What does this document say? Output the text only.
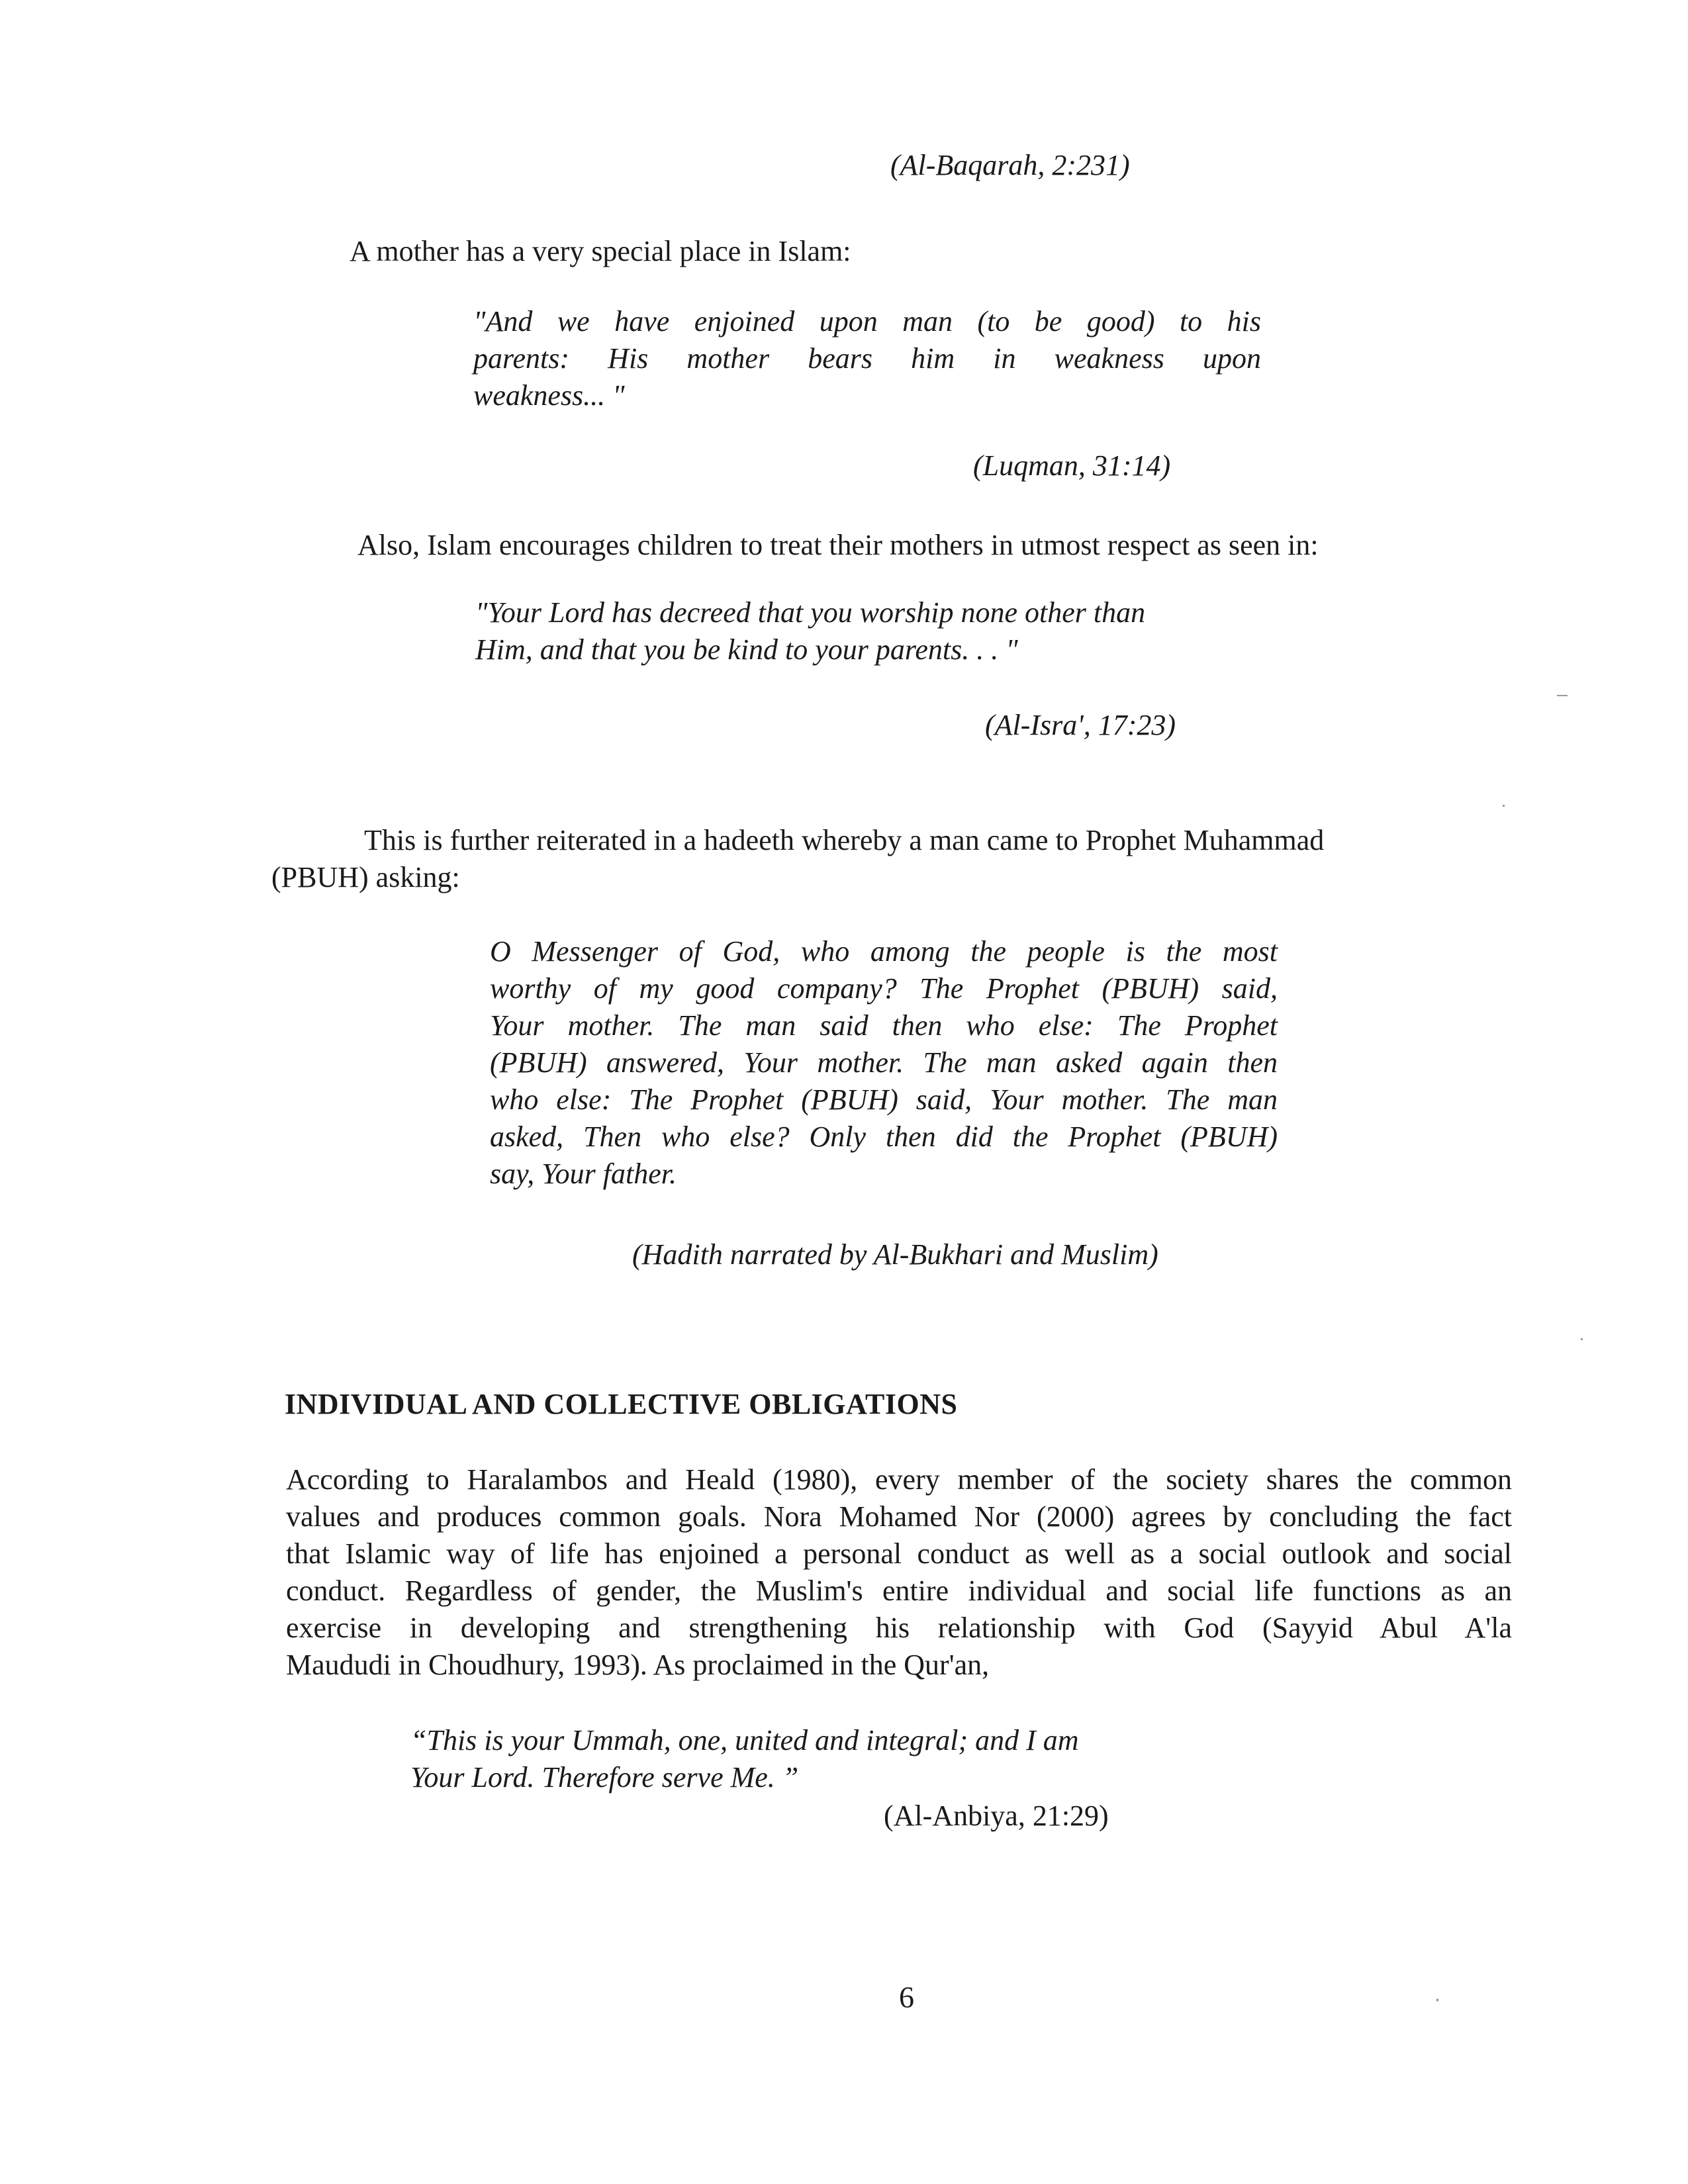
(Al-Baqarah, 2:231)

A mother has a very special place in Islam:

"And we have enjoined upon man (to be good) to his
parents: His mother bears him in weakness upon
weakness... "

(Luqman, 31:14)

Also, Islam encourages children to treat their mothers in utmost respect as seen in:

"Your Lord has decreed that you worship none other than
Him, and that you be kind to your parents. . . "

(Al-Isra', 17:23)

This is further reiterated in a hadeeth whereby a man came to Prophet Muhammad
(PBUH) asking:
O Messenger of God, who among the people is the most
worthy of my good company? The Prophet (PBUH) said,
Your mother. The man said then who else: The Prophet
(PBUH) answered, Your mother. The man asked again then
who else: The Prophet (PBUH) said, Your mother. The man
asked, Then who else? Only then did the Prophet (PBUH)
say, Your father.

(Hadith narrated by Al-Bukhari and Muslim)

INDIVIDUAL AND COLLECTIVE OBLIGATIONS
According to Haralambos and Heald (1980), every member of the society shares the common
values and produces common goals. Nora Mohamed Nor (2000) agrees by concluding the fact
that Islamic way of life has enjoined a personal conduct as well as a social outlook and social
conduct. Regardless of gender, the Muslim's entire individual and social life functions as an
exercise in developing and strengthening his relationship with God (Sayyid Abul A'la
Maududi in Choudhury, 1993). As proclaimed in the Qur'an,
“This is your Ummah, one, united and integral; and I am
Your Lord. Therefore serve Me. ”

(Al-Anbiya, 21:29)

6
